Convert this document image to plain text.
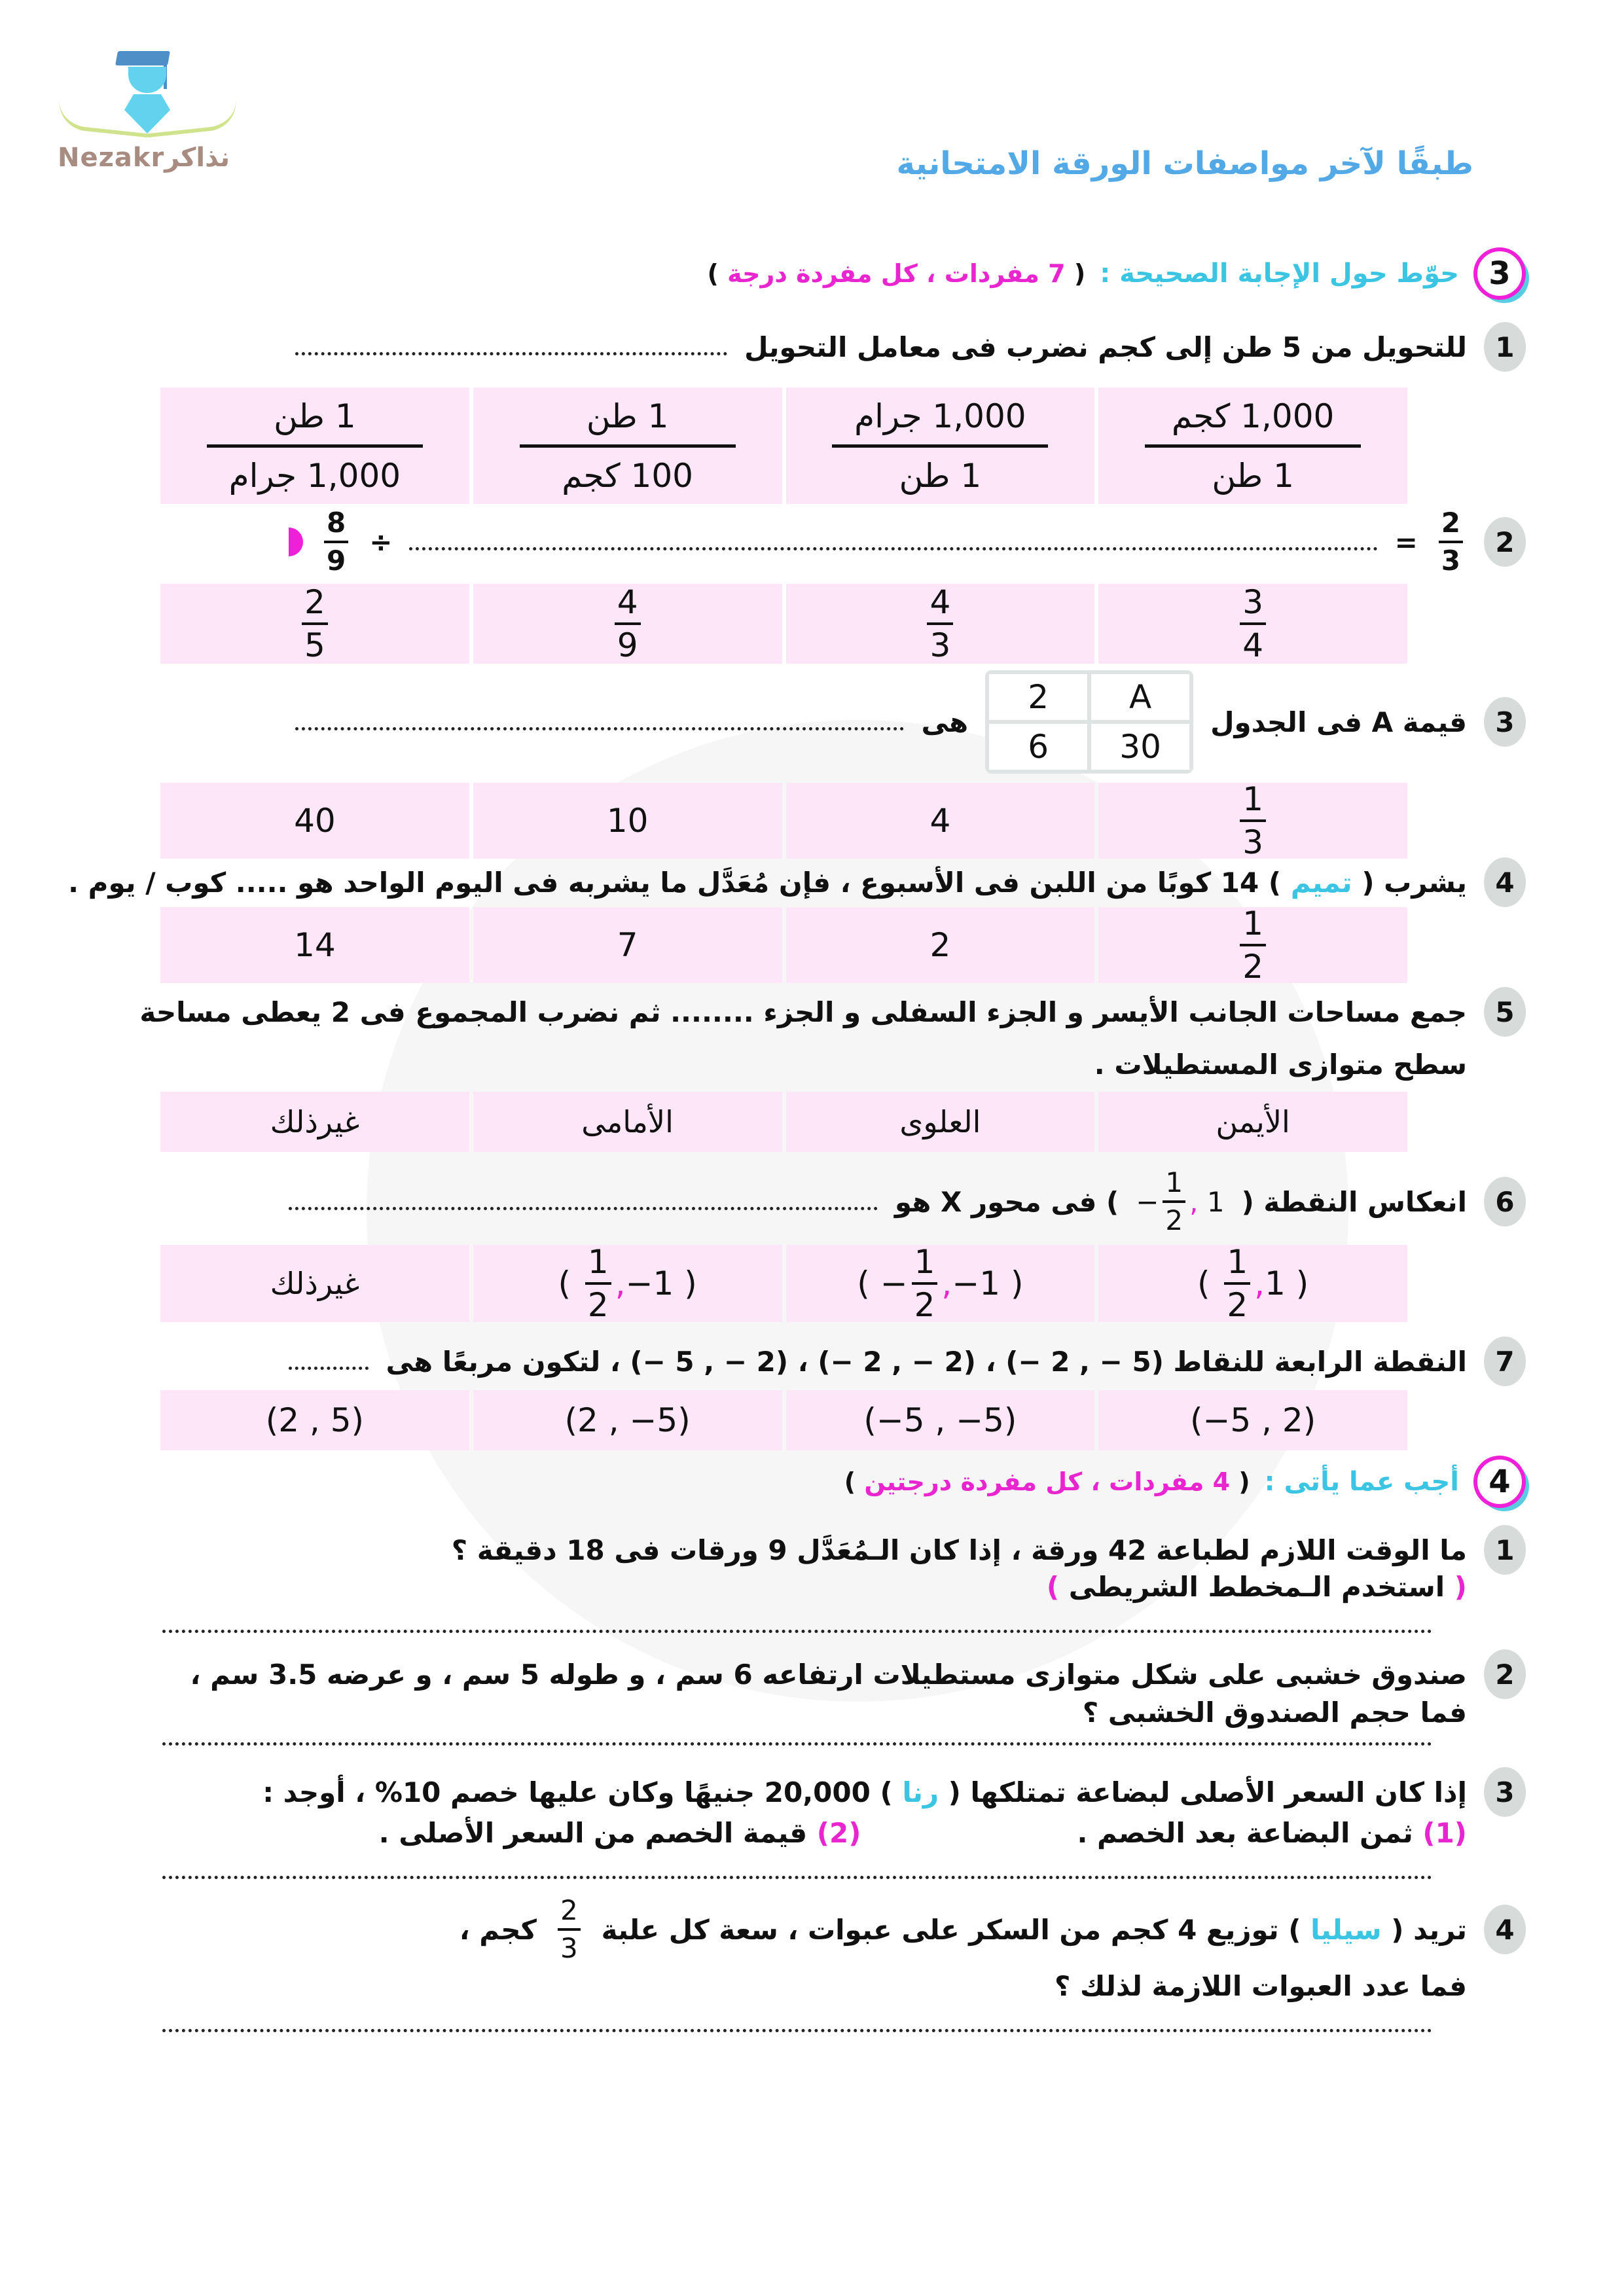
Nezakrنذاكر	طبقًا لآخر مواصفات الورقة الامتحانية
3
حوّط حول الإجابة الصحيحة :
( 7 مفردات ، كل مفردة درجة )
1
للتحويل من 5 طن إلى كجم نضرب فى معامل التحويل
1,000 كجم
1 طن
1,000 جرام
1 طن
1 طن
100 كجم
1 طن
1,000 جرام
2
$\frac{2}{3}$
=
÷
$\frac{8}{9}$
$\frac{3}{4}$
$\frac{4}{3}$
$\frac{4}{9}$
$\frac{2}{5}$
3
قيمة A فى الجدول
2	A
6	30
هى
$\frac{1}{3}$
4
10
40
4
يشرب ( تميم ) 14 كوبًا من اللبن فى الأسبوع ، فإن مُعَدَّل ما يشربه فى اليوم الواحد هو ..... كوب / يوم .
$\frac{1}{2}$
2
7
14
5
جمع مساحات الجانب الأيسر و الجزء السفلى و الجزء ........ ثم نضرب المجموع فى 2 يعطى مساحة
سطح متوازى المستطيلات .
الأيمن
العلوى
الأمامى
غيرذلك
6
انعكاس النقطة (
− $\frac{1}{2}$ ,
1
) فى محور X هو
( $\frac{1}{2}$ , 1 )
( − $\frac{1}{2}$ , −1 )
( $\frac{1}{2}$ , −1 )
غيرذلك
7
النقطة الرابعة للنقاط (5 − , 2 −) ، (2 − , 2 −) ، (2 − , 5 −) ، لتكون مربعًا هى
(−5 , 2)
(−5 , −5)
(2 , −5)
(2 , 5)
4
أجب عما يأتى :
( 4 مفردات ، كل مفردة درجتين )
1
ما الوقت اللازم لطباعة 42 ورقة ، إذا كان الـمُعَدَّل 9 ورقات فى 18 دقيقة ؟
( استخدم الـمخطط الشريطى )
2
صندوق خشبى على شكل متوازى مستطيلات ارتفاعه 6 سم ، و طوله 5 سم ، و عرضه 3.5 سم ،
فما حجم الصندوق الخشبى ؟
3
إذا كان السعر الأصلى لبضاعة تمتلكها ( رنا ) 20,000 جنيهًا وكان عليها خصم 10% ، أوجد :
(1)

ثمن البضاعة بعد الخصم .
(2)

قيمة الخصم من السعر الأصلى .
4
تريد ( سيليا ) توزيع 4 كجم من السكر على عبوات ، سعة كل علبة
$\frac{2}{3}$
كجم ،
فما عدد العبوات اللازمة لذلك ؟
